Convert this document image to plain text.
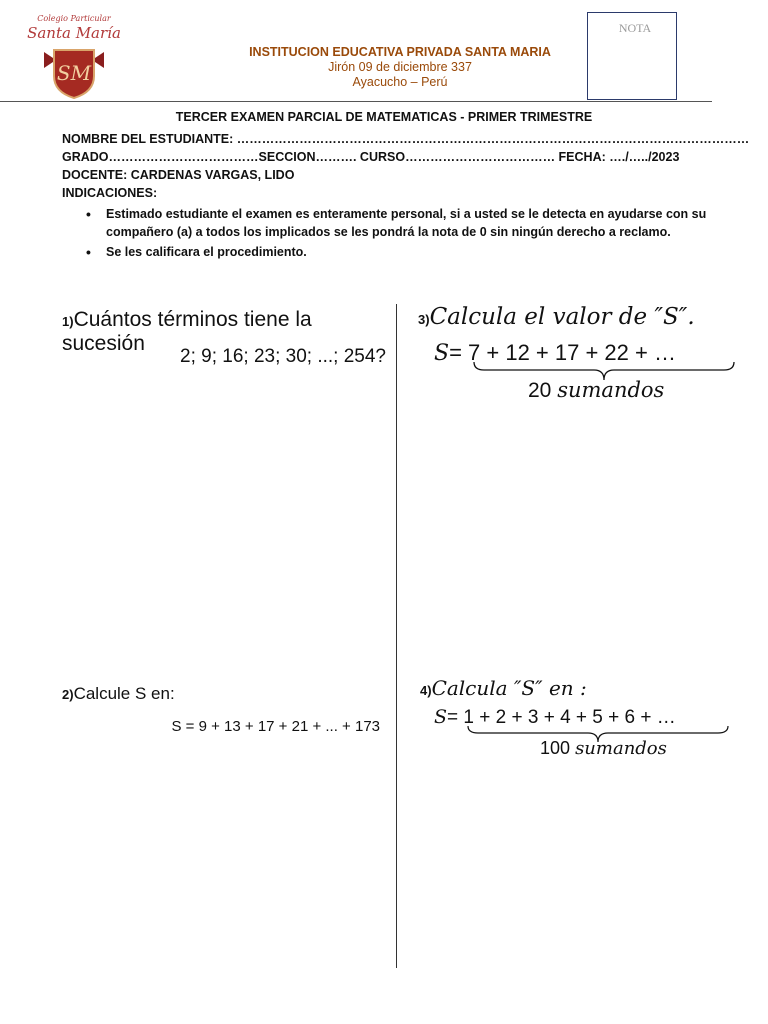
Colegio Particular
Santa María
SM
INSTITUCION EDUCATIVA PRIVADA SANTA MARIA
Jirón 09 de diciembre 337
Ayacucho – Perú
NOTA
TERCER EXAMEN PARCIAL DE MATEMATICAS - PRIMER TRIMESTRE
NOMBRE DEL ESTUDIANTE: ……………………………………………………………………………………………………………
GRADO………………………………SECCION………. CURSO……………………………… FECHA: …./…../2023
DOCENTE: CARDENAS VARGAS, LIDO
INDICACIONES:
• Estimado estudiante el examen es enteramente personal, si a usted se le detecta en ayudarse con su compañero (a) a todos los implicados se les pondrá la nota de 0 sin ningún derecho a reclamo.
• Se les calificara el procedimiento.
1)Cuántos términos tiene la sucesión
2; 9; 16; 23; 30; ...; 254?
2)Calcule S en:
S = 9 + 13 + 17 + 21 + ... + 173
3)Calcula el valor de ″S″.
S= 7 + 12 + 17 + 22 + …
20 sumandos
4)Calcula ″S″ en :
S= 1 + 2 + 3 + 4 + 5 + 6 + …
100 sumandos
